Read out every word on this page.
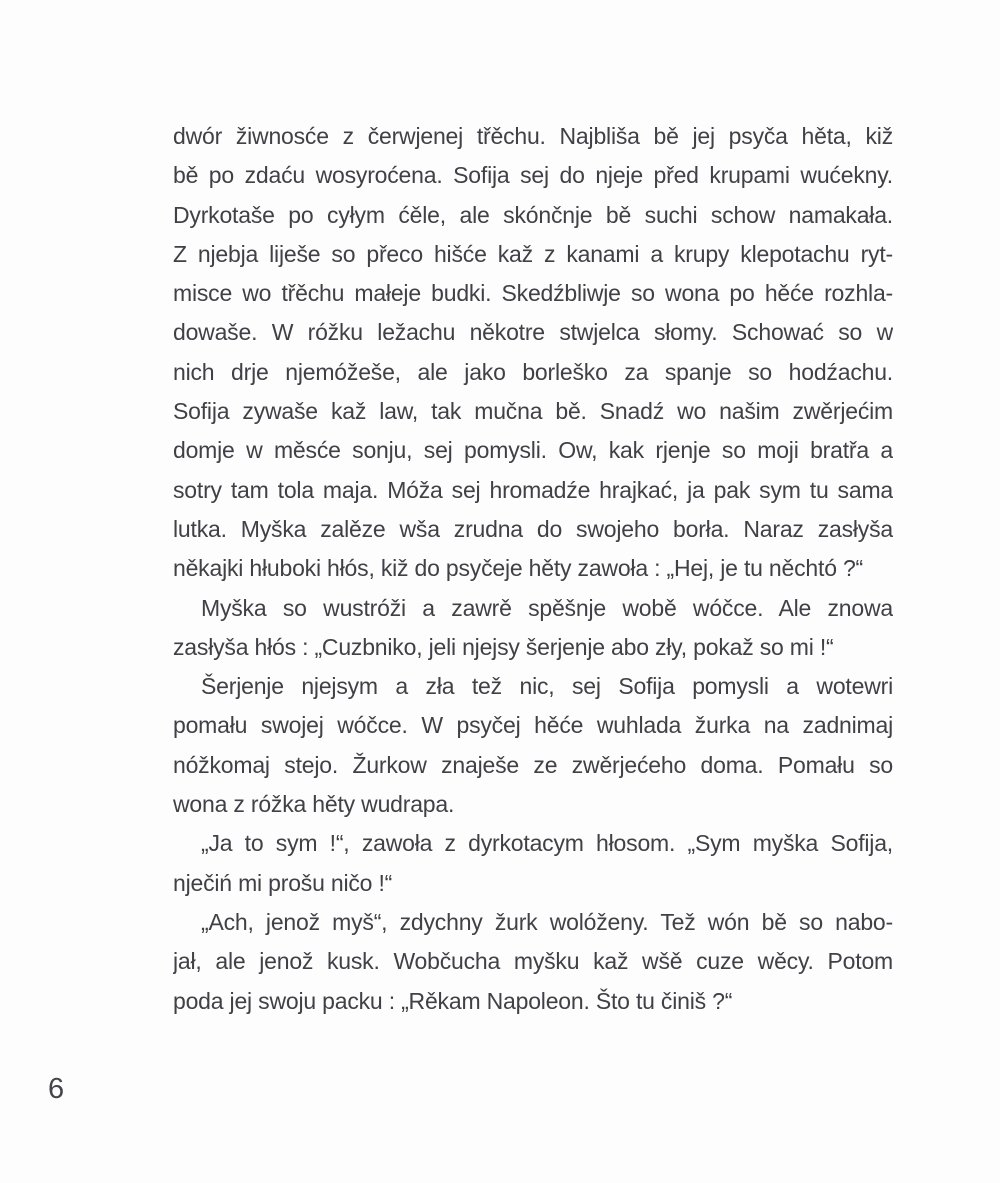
dwór žiwnosće z čerwjenej třěchu. Najbliša bě jej psyča hěta, kiž
bě po zdaću wosyroćena. Sofija sej do njeje před krupami wućekny.
Dyrkotaše po cyłym ćěle, ale skónčnje bě suchi schow namakała.
Z njebja liješe so přeco hišće kaž z kanami a krupy klepotachu ryt-
misce wo třěchu małeje budki. Skedźbliwje so wona po hěće rozhla-
dowaše. W róžku ležachu někotre stwjelca słomy. Schować so w
nich drje njemóžeše, ale jako borleško za spanje so hodźachu.
Sofija zywaše kaž law, tak mučna bě. Snadź wo našim zwěrjećim
domje w měsće sonju, sej pomysli. Ow, kak rjenje so moji bratřa a
sotry tam tola maja. Móža sej hromadźe hrajkać, ja pak sym tu sama
lutka. Myška zalěze wša zrudna do swojeho borła. Naraz zasłyša
někajki hłuboki hłós, kiž do psyčeje hěty zawoła : „Hej, je tu něchtó ?“
Myška so wustróži a zawrě spěšnje wobě wóčce. Ale znowa
zasłyša hłós : „Cuzbniko, jeli njejsy šerjenje abo zły, pokaž so mi !“
Šerjenje njejsym a zła tež nic, sej Sofija pomysli a wotewri
pomału swojej wóčce. W psyčej hěće wuhlada žurka na zadnimaj
nóžkomaj stejo. Žurkow znaješe ze zwěrjećeho doma. Pomału so
wona z róžka hěty wudrapa.
„Ja to sym !“, zawoła z dyrkotacym hłosom. „Sym myška Sofija,
nječiń mi prošu ničo !“
„Ach, jenož myš“, zdychny žurk wolóženy. Tež wón bě so nabo-
jał, ale jenož kusk. Wobčucha myšku kaž wšě cuze wěcy. Potom
poda jej swoju packu : „Rěkam Napoleon. Što tu činiš ?“
6
